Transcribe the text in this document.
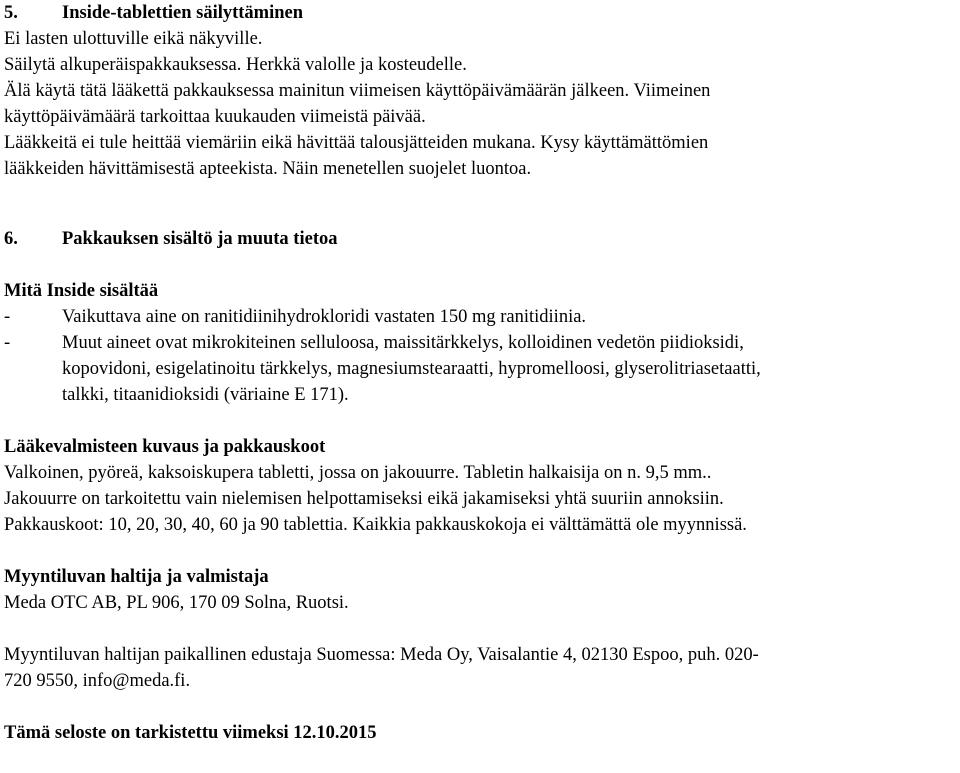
5. Inside-tablettien säilyttäminen
Ei lasten ulottuville eikä näkyville.
Säilytä alkuperäispakkauksessa. Herkkä valolle ja kosteudelle.
Älä käytä tätä lääkettä pakkauksessa mainitun viimeisen käyttöpäivämäärän jälkeen. Viimeinen
käyttöpäivämäärä tarkoittaa kuukauden viimeistä päivää.
Lääkkeitä ei tule heittää viemäriin eikä hävittää talousjätteiden mukana. Kysy käyttämättömien
lääkkeiden hävittämisestä apteekista. Näin menetellen suojelet luontoa.
6. Pakkauksen sisältö ja muuta tietoa
Mitä Inside sisältää
-	Vaikuttava aine on ranitidiinihydrokloridi vastaten 150 mg ranitidiinia.
-	Muut aineet ovat mikrokiteinen selluloosa, maissitärkkelys, kolloidinen vedetön piidioksidi,
kopovidoni, esigelatinoitu tärkkelys, magnesiumstearaatti, hypromelloosi, glyserolitriasetaatti,
talkki, titaanidioksidi (väriaine E 171).
Lääkevalmisteen kuvaus ja pakkauskoot
Valkoinen, pyöreä, kaksoiskupera tabletti, jossa on jakouurre. Tabletin halkaisija on n. 9,5 mm..
Jakouurre on tarkoitettu vain nielemisen helpottamiseksi eikä jakamiseksi yhtä suuriin annoksiin.
Pakkauskoot: 10, 20, 30, 40, 60 ja 90 tablettia. Kaikkia pakkauskokoja ei välttämättä ole myynnissä.
Myyntiluvan haltija ja valmistaja
Meda OTC AB, PL 906, 170 09 Solna, Ruotsi.
Myyntiluvan haltijan paikallinen edustaja Suomessa: Meda Oy, Vaisalantie 4, 02130 Espoo, puh. 020-
720 9550, info@meda.fi.
Tämä seloste on tarkistettu viimeksi 12.10.2015
